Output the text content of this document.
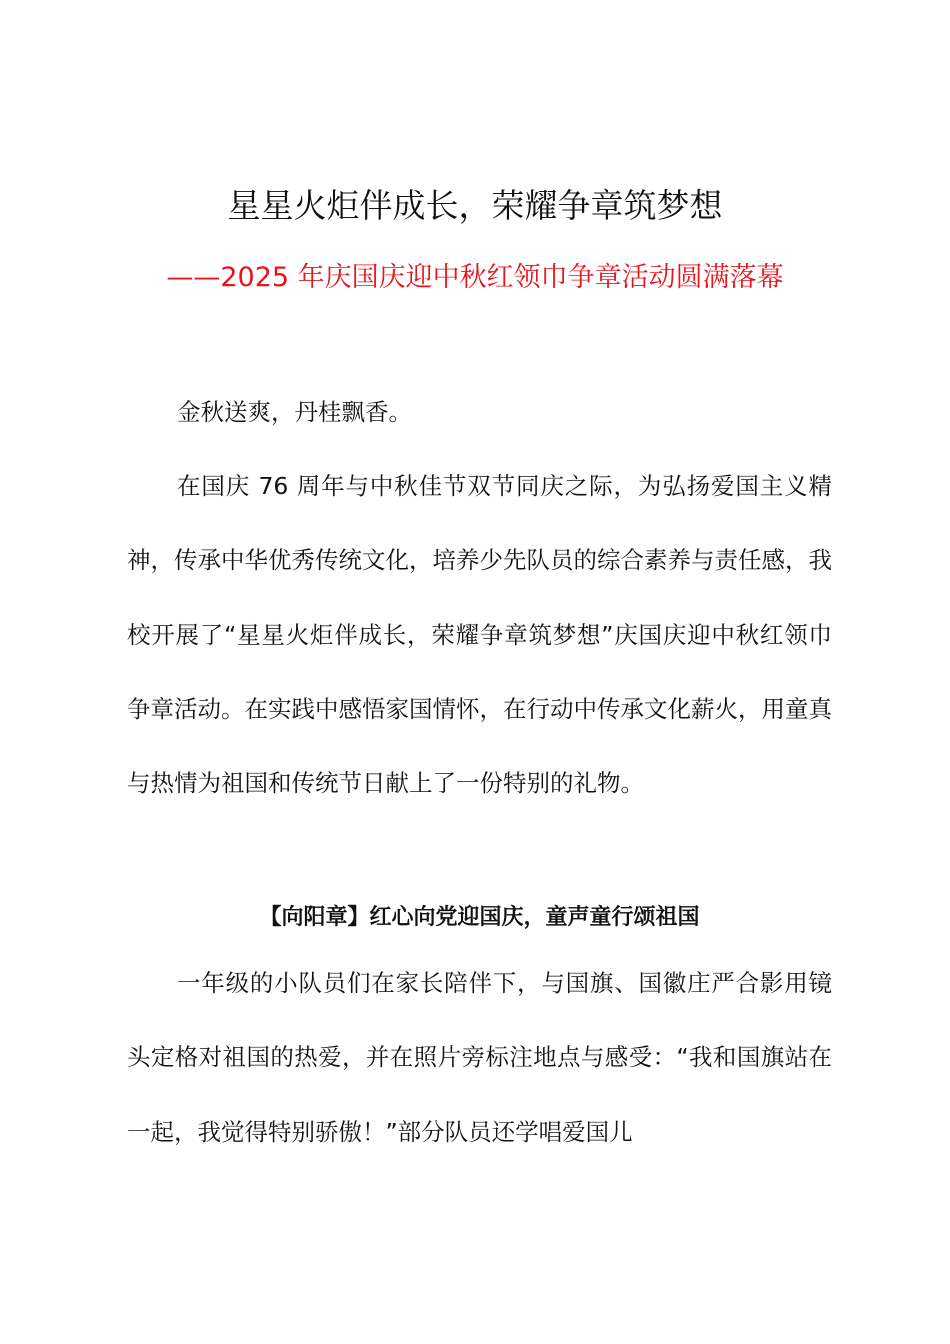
星星火炬伴成长，荣耀争章筑梦想
——2025 年庆国庆迎中秋红领巾争章活动圆满落幕
金秋送爽，丹桂飘香。
在国庆 76 周年与中秋佳节双节同庆之际，为弘扬爱国主义精神，传承中华优秀传统文化，培养少先队员的综合素养与责任感，我校开展了“星星火炬伴成长，荣耀争章筑梦想”庆国庆迎中秋红领巾争章活动。在实践中感悟家国情怀，在行动中传承文化薪火，用童真与热情为祖国和传统节日献上了一份特别的礼物。
【向阳章】红心向党迎国庆，童声童行颂祖国
一年级的小队员们在家长陪伴下，与国旗、国徽庄严合影用镜头定格对祖国的热爱，并在照片旁标注地点与感受：“我和国旗站在一起，我觉得特别骄傲！”部分队员还学唱爱国儿
